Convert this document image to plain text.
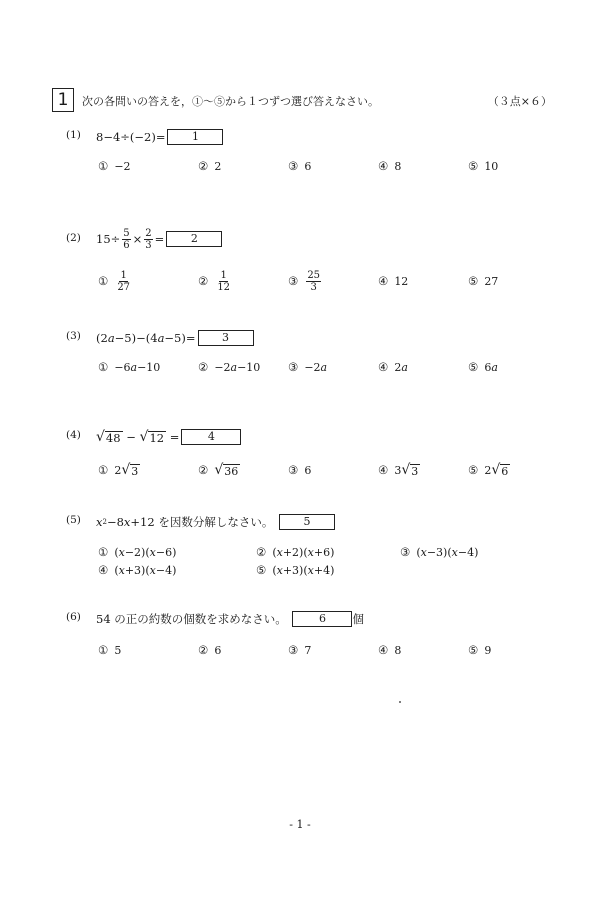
1	次の各問いの答えを，①～⑤から１つずつ選び答えなさい。	（３点×６）
(1) 8−4÷(−2)=	1
① −2	② 2	③ 6	④ 8	⑤ 10
(2) $15\div \frac{5}{6} \times \frac{2}{3}$ =	2
① $\frac{1}{27}$	② $\frac{1}{12}$	③ $\frac{25}{3}$	④ 12	⑤ 27
(3) (2 a −5)−(4 a −5)=	3
① −6a−10	② −2a−10 ③ −2a	④ 2a	⑤ 6a
(4) √ 48 − √ 12 =	4
① 2 √ 3	② √ 36	③ 6	④ 3 √ 3	⑤ 2 √ 6
(5) x 2 −8 x +12 を因数分解しなさい。
	5
① (x−2)(x−6)	② (x+2)(x+6)	③ (x−3)(x−4)
④ (x+3)(x−4)	⑤ (x+3)(x+4)
(6) 54 の正の約数の個数を求めなさい。
	6	個
① 5	② 6	③ 7	④ 8	⑤ 9
- 1 -
